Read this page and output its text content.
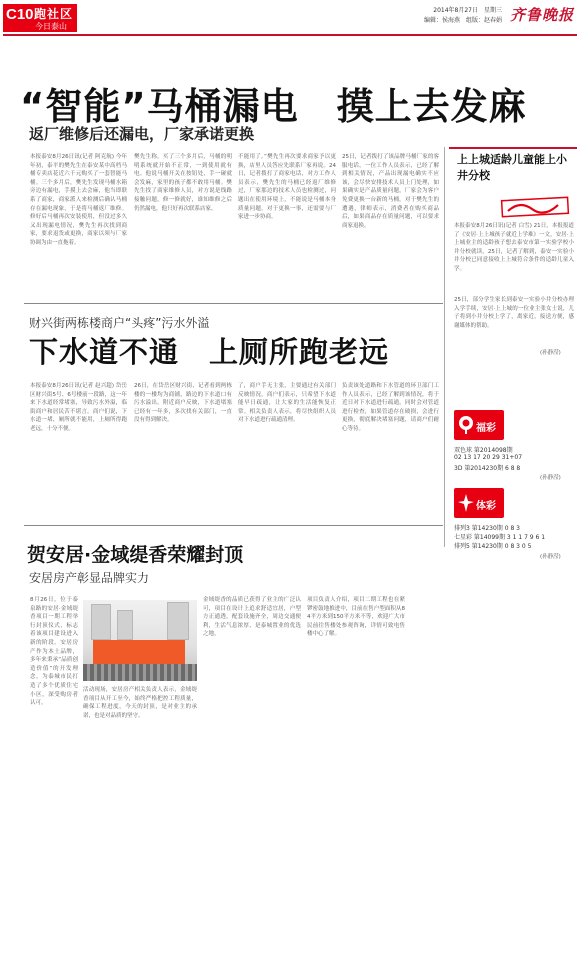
C10 跑社区
今日泰山
2014年8月27日　星期三
编辑：侯海燕　组版：赵春娟 齐鲁晚报
“智能”马桶漏电　摸上去发麻
返厂维修后还漏电，厂家承诺更换
本报泰安8月26日讯(记者 阿克航) 今年年初，泰平的樊先生在泰安某中高档马桶专卖店花近六千元购买了一套智能马桶。三个多月后，樊先生发现马桶水箱旁边有漏电，手摸上去会麻，他当即联系了商家，商家派人来检测后确认马桶存在漏电现象，于是将马桶返厂维修。修好后马桶再次安装使用，但没过多久又出现漏电情况，樊先生再次找到商家，要求退货或更换，商家以须与厂家协调为由一直拖着。
樊先生称，买了三个多月后，马桶的明明系统就开始不正常，一到使用就有电。他说马桶开关在按钮处，手一碰就会发麻，家里的孩子都不敢用马桶。樊先生找了商家维修人员，对方说是线路接触问题，修一修就好，谁知维修之后仍然漏电，他只好再次联系店家。
不能用了。”樊先生再次要求商家予以更换，店里人员答应先联系厂家再说。24日，记者拨打了商家电话，对方工作人员表示，樊先生的马桶已经返厂维修过，厂家那边的技术人员也检测过，问题出在使用环境上，不能说是马桶本身质量问题。对于更换一事，还需要与厂家进一步协商。
25日，记者拨打了该品牌马桶厂家的客服电话，一位工作人员表示，已经了解到相关情况，产品出现漏电确实不应该，会尽快安排技术人员上门处理，如果确实是产品质量问题，厂家会为客户免费更换一台新的马桶。对于樊先生的遭遇，律师表示，消费者在购买商品后，如果商品存在质量问题，可以要求商家退换。
财兴街两栋楼商户“头疼”污水外溢
下水道不通　上厕所跑老远
本报泰安8月26日讯(记者 赵兴超) 岱岳区财兴街5号、6号楼前一段路，这一年来下水道经常堵塞，导致污水外溢，临街商户和居民苦不堪言。商户们说，下水道一堵，厕所就不能用，上厕所得跑老远，十分不便。
26日，在岱岳区财兴街，记者看到两栋楼的一楼均为商铺，路边的下水道口有污水溢出，附近商户反映，下水道堵塞已经有一年多，多次找有关部门，一直没有得到解决。
了，商户手无主张，主要通过有关部门反映情况。商户们表示，只希望下水道能早日疏通，让大家的生活能恢复正常。相关负责人表示，将尽快组织人员对下水道进行疏通清理。
负责该处道路和下水管道的环卫部门工作人员表示，已经了解到该情况，将于近日对下水道进行疏通，同时会对管道进行检查，如果管道存在破损，会进行更换，彻底解决堵塞问题，请商户们耐心等待。
贺安居·金域缇香荣耀封顶
安居房产彰显品牌实力
8月26日，位于泰泉路的安居·金域缇香项目一期工程举行封顶仪式，标志着该项目建设进入新的阶段。安居房产作为本土品牌，多年来秉承“品质创造价值”的开发理念，为泰城市民打造了多个优质住宅小区，深受购房者认可。
活动现场，安居房产相关负责人表示，金域缇香项目从开工至今，始终严格把控工程质量，确保工程进度，今天的封顶，是对业主的承诺，也是对品质的坚守。
金域缇香的品质已获得了业主的广泛认可，项目在设计上追求舒适宜居，户型方正通透，配套设施齐全，周边交通便利，生活气息浓厚，是泰城置业的优选之地。
项目负责人介绍，项目二期工程也在紧锣密鼓地推进中，目前在售户型面积从84平方米到150平方米不等，欢迎广大市民前往售楼处参观咨询，详情可致电售楼中心了解。
上上城适龄儿童能上小井分校
本报泰安8月26日讯(记者 白雪) 21日，本报报道了《安居·上上城孩子就近上学难》一文，安居·上上城业主的适龄孩子想去泰安市第一实验学校小井分校就读，25日，记者了解到，泰安一实验小井分校已同意接收上上城符合条件的适龄儿童入学。
25日，部分学生家长到泰安一实验小井分校办理入学手续，安居·上上城的一位业主张女士说，儿子将到小井分校上学了，离家近，接送方便，感谢媒体的帮助。
(孙静滢)
福彩
双色球 第2014098期
02 13 17 20 29 31+07
3D 第2014230期 6 8 8
(孙静滢)
体彩
排列3 第14230期 0 8 3
七星彩 第14099期 3 1 1 7 9 6 1
排列5 第14230期 0 8 3 0 5
(孙静滢)
